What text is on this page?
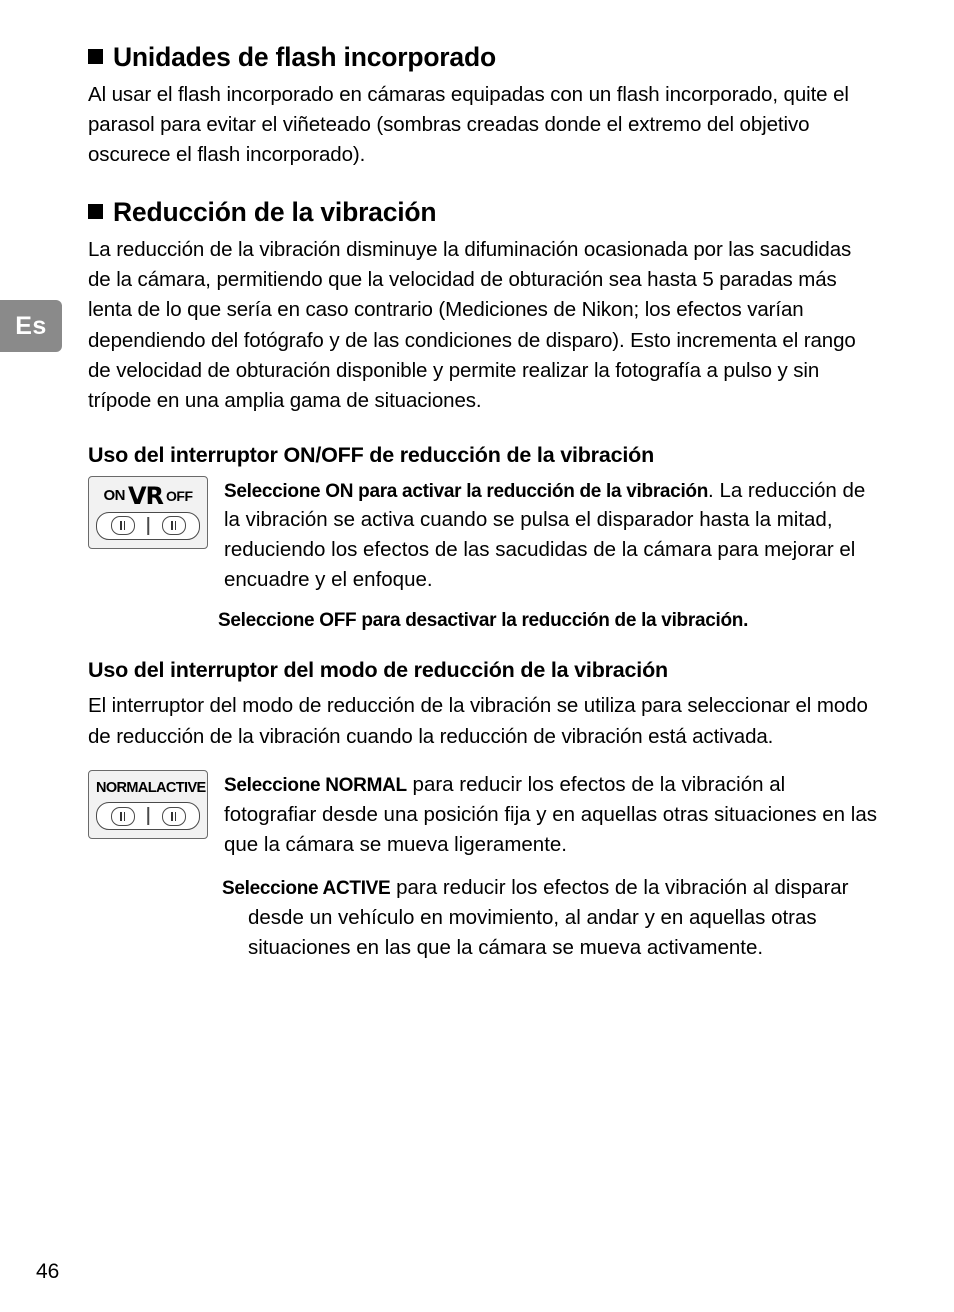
Es
Unidades de flash incorporado

Al usar el flash incorporado en cámaras equipadas con un flash incorporado, quite el parasol para evitar el viñeteado (sombras creadas donde el extremo del objetivo oscurece el flash incorporado).

Reducción de la vibración

La reducción de la vibración disminuye la difuminación ocasionada por las sacudidas de la cámara, permitiendo que la velocidad de obturación sea hasta 5 paradas más lenta de lo que sería en caso contrario (Mediciones de Nikon; los efectos varían dependiendo del fotógrafo y de las condiciones de disparo). Esto incrementa el rango de velocidad de obturación disponible y permite realizar la fotografía a pulso y sin trípode en una amplia gama de situaciones.

Uso del interruptor ON/OFF de reducción de la vibración
ON VR OFF Seleccione ON para activar la reducción de la vibración. La reducción de la vibración se activa cuando se pulsa el disparador hasta la mitad, reduciendo los efectos de las sacudidas de la cámara para mejorar el encuadre y el enfoque.
Seleccione OFF para desactivar la reducción de la vibración.
Uso del interruptor del modo de reducción de la vibración

El interruptor del modo de reducción de la vibración se utiliza para seleccionar el modo de reducción de la vibración cuando la reducción de vibración está activada.

NORMAL ACTIVE Seleccione NORMAL para reducir los efectos de la vibración al fotografiar desde una posición fija y en aquellas otras situaciones en las que la cámara se mueva ligeramente.
Seleccione ACTIVE para reducir los efectos de la vibración al disparar desde un vehículo en movimiento, al andar y en aquellas otras situaciones en las que la cámara se mueva activamente.
46
